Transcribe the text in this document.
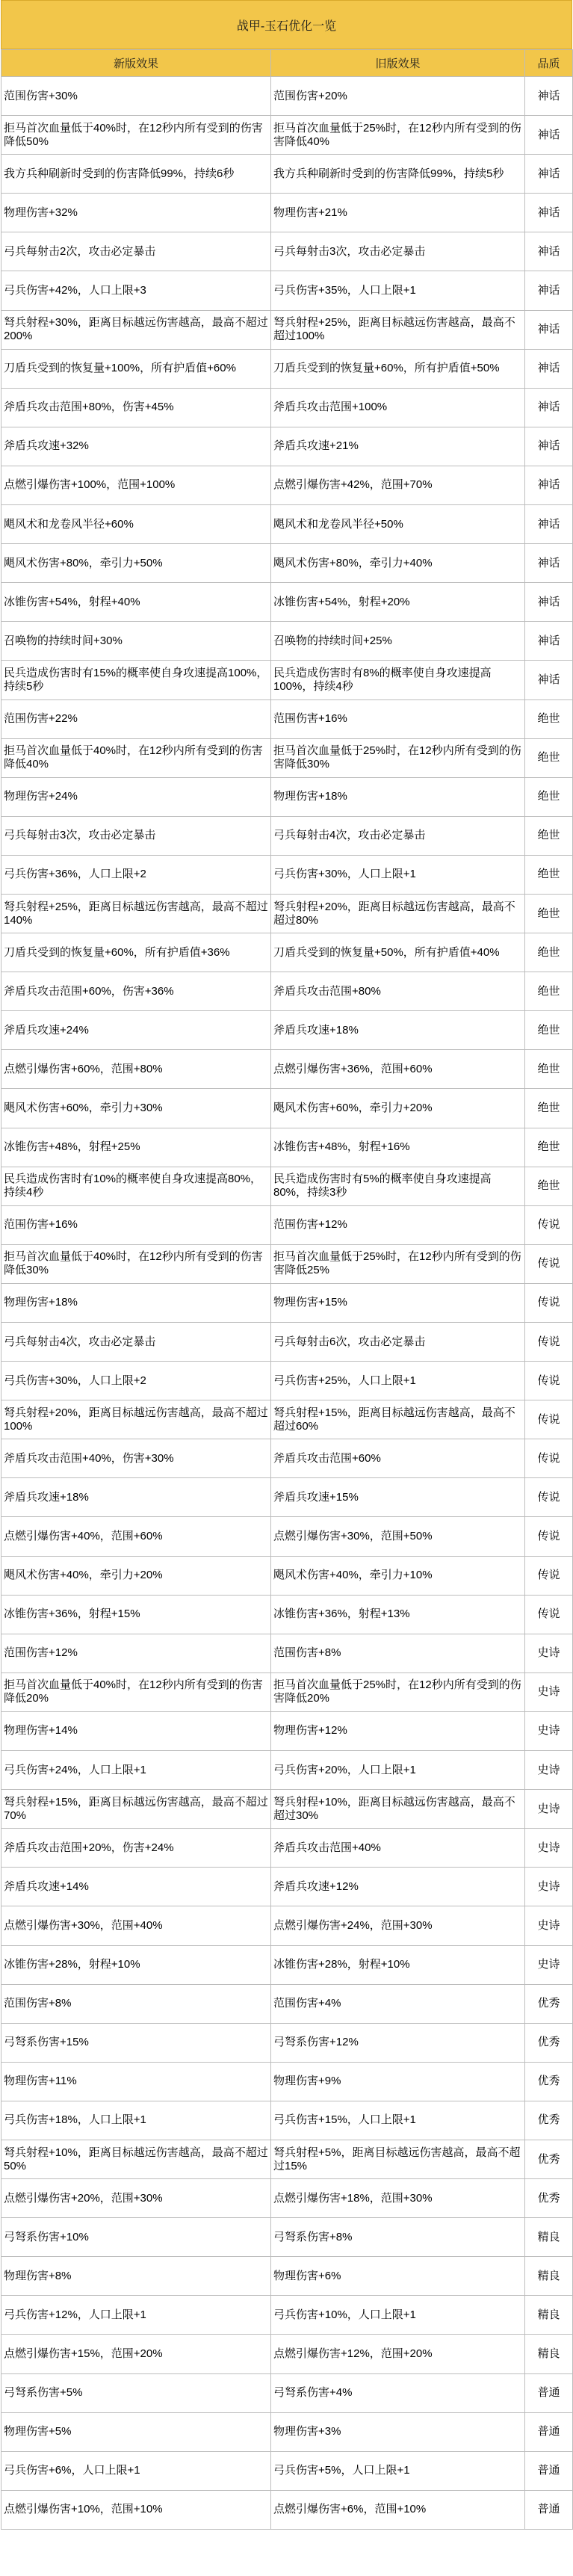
战甲-玉石优化一览
新版效果	旧版效果	品质
范围伤害+30%	范围伤害+20%	神话
拒马首次血量低于40%时，在12秒内所有受到的伤害降低50%	拒马首次血量低于25%时，在12秒内所有受到的伤害降低40%	神话
我方兵种刷新时受到的伤害降低99%，持续6秒	我方兵种刷新时受到的伤害降低99%，持续5秒	神话
物理伤害+32%	物理伤害+21%	神话
弓兵每射击2次，攻击必定暴击	弓兵每射击3次，攻击必定暴击	神话
弓兵伤害+42%，人口上限+3	弓兵伤害+35%，人口上限+1	神话
弩兵射程+30%，距离目标越远伤害越高，最高不超过200%	弩兵射程+25%，距离目标越远伤害越高，最高不超过100%	神话
刀盾兵受到的恢复量+100%，所有护盾值+60%	刀盾兵受到的恢复量+60%，所有护盾值+50%	神话
斧盾兵攻击范围+80%，伤害+45%	斧盾兵攻击范围+100%	神话
斧盾兵攻速+32%	斧盾兵攻速+21%	神话
点燃引爆伤害+100%，范围+100%	点燃引爆伤害+42%，范围+70%	神话
飓风术和龙卷风半径+60%	飓风术和龙卷风半径+50%	神话
飓风术伤害+80%，牵引力+50%	飓风术伤害+80%，牵引力+40%	神话
冰锥伤害+54%，射程+40%	冰锥伤害+54%，射程+20%	神话
召唤物的持续时间+30%	召唤物的持续时间+25%	神话
民兵造成伤害时有15%的概率使自身攻速提高100%，持续5秒	民兵造成伤害时有8%的概率使自身攻速提高100%，持续4秒	神话
范围伤害+22%	范围伤害+16%	绝世
拒马首次血量低于40%时，在12秒内所有受到的伤害降低40%	拒马首次血量低于25%时，在12秒内所有受到的伤害降低30%	绝世
物理伤害+24%	物理伤害+18%	绝世
弓兵每射击3次，攻击必定暴击	弓兵每射击4次，攻击必定暴击	绝世
弓兵伤害+36%，人口上限+2	弓兵伤害+30%，人口上限+1	绝世
弩兵射程+25%，距离目标越远伤害越高，最高不超过140%	弩兵射程+20%，距离目标越远伤害越高，最高不超过80%	绝世
刀盾兵受到的恢复量+60%，所有护盾值+36%	刀盾兵受到的恢复量+50%，所有护盾值+40%	绝世
斧盾兵攻击范围+60%，伤害+36%	斧盾兵攻击范围+80%	绝世
斧盾兵攻速+24%	斧盾兵攻速+18%	绝世
点燃引爆伤害+60%，范围+80%	点燃引爆伤害+36%，范围+60%	绝世
飓风术伤害+60%，牵引力+30%	飓风术伤害+60%，牵引力+20%	绝世
冰锥伤害+48%，射程+25%	冰锥伤害+48%，射程+16%	绝世
民兵造成伤害时有10%的概率使自身攻速提高80%，持续4秒	民兵造成伤害时有5%的概率使自身攻速提高80%，持续3秒	绝世
范围伤害+16%	范围伤害+12%	传说
拒马首次血量低于40%时，在12秒内所有受到的伤害降低30%	拒马首次血量低于25%时，在12秒内所有受到的伤害降低25%	传说
物理伤害+18%	物理伤害+15%	传说
弓兵每射击4次，攻击必定暴击	弓兵每射击6次，攻击必定暴击	传说
弓兵伤害+30%，人口上限+2	弓兵伤害+25%，人口上限+1	传说
弩兵射程+20%，距离目标越远伤害越高，最高不超过100%	弩兵射程+15%，距离目标越远伤害越高，最高不超过60%	传说
斧盾兵攻击范围+40%，伤害+30%	斧盾兵攻击范围+60%	传说
斧盾兵攻速+18%	斧盾兵攻速+15%	传说
点燃引爆伤害+40%，范围+60%	点燃引爆伤害+30%，范围+50%	传说
飓风术伤害+40%，牵引力+20%	飓风术伤害+40%，牵引力+10%	传说
冰锥伤害+36%，射程+15%	冰锥伤害+36%，射程+13%	传说
范围伤害+12%	范围伤害+8%	史诗
拒马首次血量低于40%时，在12秒内所有受到的伤害降低20%	拒马首次血量低于25%时，在12秒内所有受到的伤害降低20%	史诗
物理伤害+14%	物理伤害+12%	史诗
弓兵伤害+24%，人口上限+1	弓兵伤害+20%，人口上限+1	史诗
弩兵射程+15%，距离目标越远伤害越高，最高不超过70%	弩兵射程+10%，距离目标越远伤害越高，最高不超过30%	史诗
斧盾兵攻击范围+20%，伤害+24%	斧盾兵攻击范围+40%	史诗
斧盾兵攻速+14%	斧盾兵攻速+12%	史诗
点燃引爆伤害+30%，范围+40%	点燃引爆伤害+24%，范围+30%	史诗
冰锥伤害+28%，射程+10%	冰锥伤害+28%，射程+10%	史诗
范围伤害+8%	范围伤害+4%	优秀
弓弩系伤害+15%	弓弩系伤害+12%	优秀
物理伤害+11%	物理伤害+9%	优秀
弓兵伤害+18%，人口上限+1	弓兵伤害+15%，人口上限+1	优秀
弩兵射程+10%，距离目标越远伤害越高，最高不超过50%	弩兵射程+5%，距离目标越远伤害越高，最高不超过15%	优秀
点燃引爆伤害+20%，范围+30%	点燃引爆伤害+18%，范围+30%	优秀
弓弩系伤害+10%	弓弩系伤害+8%	精良
物理伤害+8%	物理伤害+6%	精良
弓兵伤害+12%，人口上限+1	弓兵伤害+10%，人口上限+1	精良
点燃引爆伤害+15%，范围+20%	点燃引爆伤害+12%，范围+20%	精良
弓弩系伤害+5%	弓弩系伤害+4%	普通
物理伤害+5%	物理伤害+3%	普通
弓兵伤害+6%，人口上限+1	弓兵伤害+5%，人口上限+1	普通
点燃引爆伤害+10%，范围+10%	点燃引爆伤害+6%，范围+10%	普通
